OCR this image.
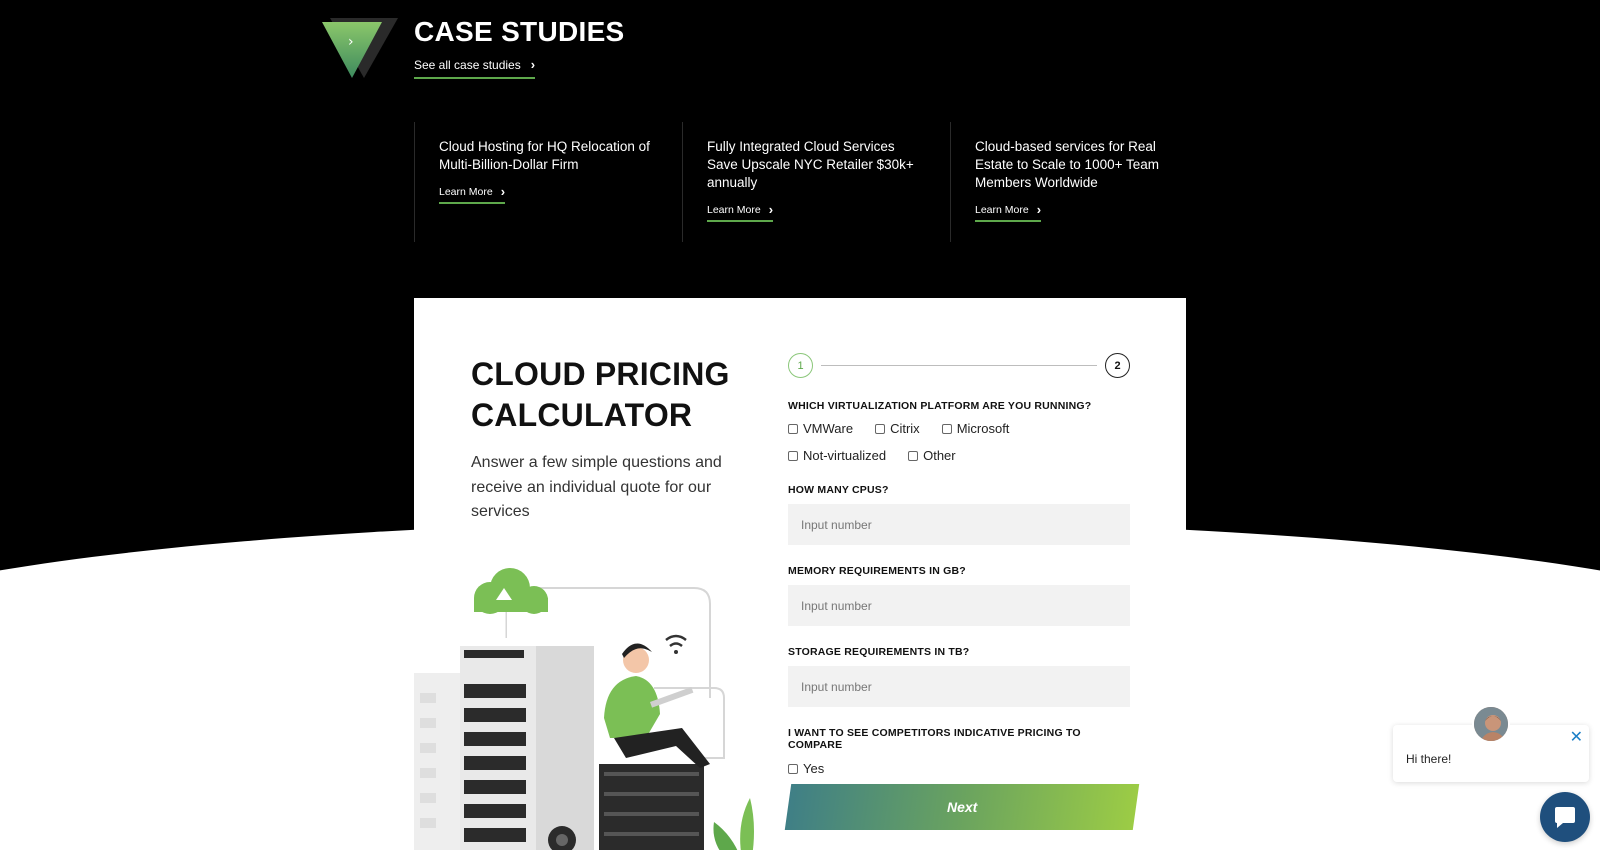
› CASE STUDIES
See all case studies ›
Cloud Hosting for HQ Relocation of Multi-Billion-Dollar Firm
Learn More ›
Fully Integrated Cloud Services Save Upscale NYC Retailer $30k+ annually
Learn More ›
Cloud-based services for Real Estate to Scale to 1000+ Team Members Worldwide
Learn More ›
CLOUD PRICING CALCULATOR
Answer a few simple questions and receive an individual quote for our services
1	2
WHICH VIRTUALIZATION PLATFORM ARE YOU RUNNING?
VMWare	Citrix	Microsoft
Not-virtualized	Other
HOW MANY CPUS?
Input number
MEMORY REQUIREMENTS IN GB?
Input number
STORAGE REQUIREMENTS IN TB?
Input number
I WANT TO SEE COMPETITORS INDICATIVE PRICING TO COMPARE
Yes
Next
Hi there!
✕
